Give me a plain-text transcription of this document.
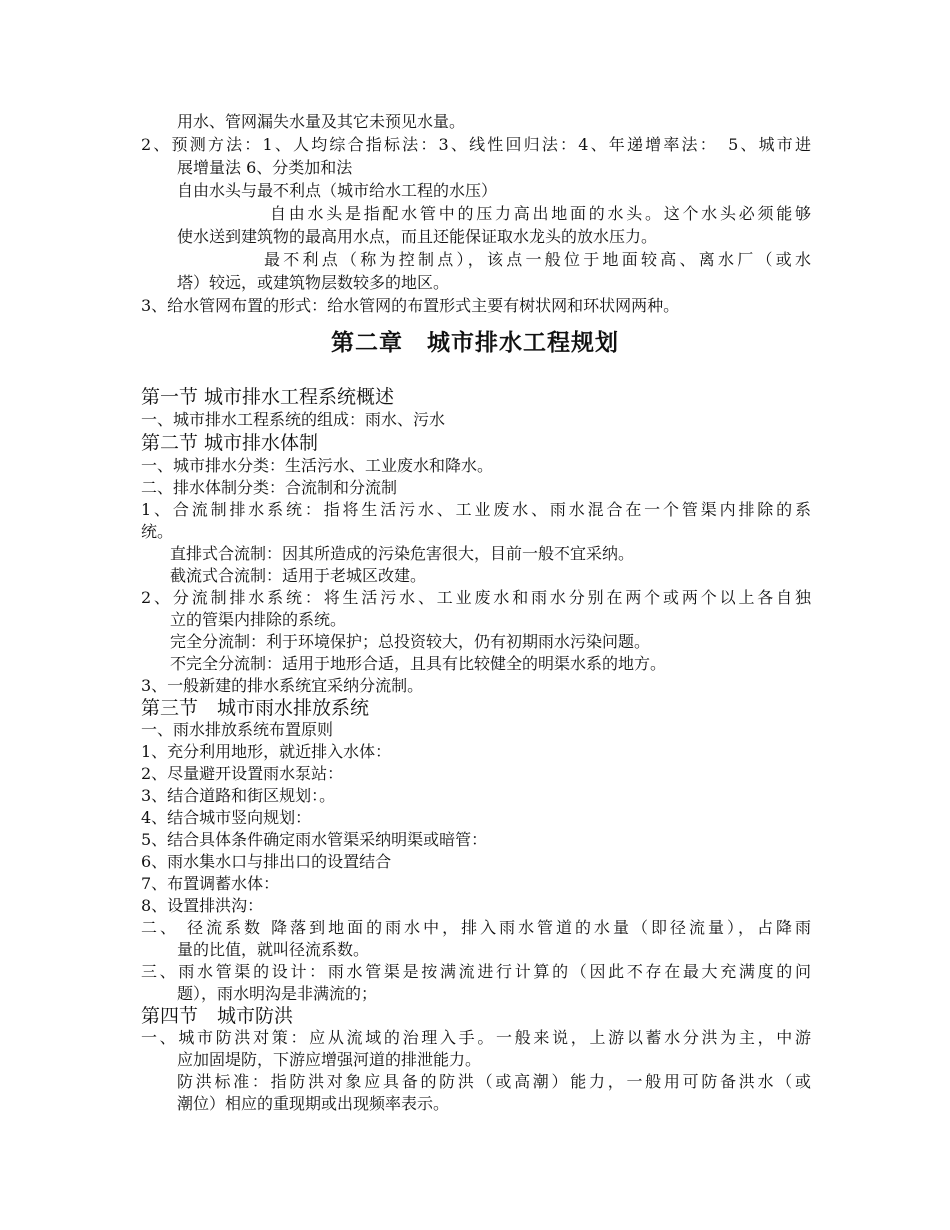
用水、管网漏失水量及其它未预见水量。
2、预测方法：1、人均综合指标法：3、线性回归法：4、年递增率法：　5、城市进
展增量法 6、分类加和法
自由水头与最不利点（城市给水工程的水压）
自由水头是指配水管中的压力高出地面的水头。这个水头必须能够
使水送到建筑物的最高用水点，而且还能保证取水龙头的放水压力。
最不利点（称为控制点），该点一般位于地面较高、离水厂（或水
塔）较远，或建筑物层数较多的地区。
3、给水管网布置的形式：给水管网的布置形式主要有树状网和环状网两种。
第二章　城市排水工程规划
第一节 城市排水工程系统概述
一、城市排水工程系统的组成：雨水、污水
第二节 城市排水体制
一、城市排水分类：生活污水、工业废水和降水。
二、排水体制分类：合流制和分流制
1、合流制排水系统：指将生活污水、工业废水、雨水混合在一个管渠内排除的系
统。
直排式合流制：因其所造成的污染危害很大，目前一般不宜采纳。
截流式合流制：适用于老城区改建。
2、分流制排水系统：将生活污水、工业废水和雨水分别在两个或两个以上各自独
立的管渠内排除的系统。
完全分流制：利于环境保护；总投资较大，仍有初期雨水污染问题。
不完全分流制：适用于地形合适，且具有比较健全的明渠水系的地方。
3、一般新建的排水系统宜采纳分流制。
第三节　城市雨水排放系统
一、雨水排放系统布置原则
1、充分利用地形，就近排入水体：
2、尽量避开设置雨水泵站：
3、结合道路和街区规划：。
4、结合城市竖向规划：
5、结合具体条件确定雨水管渠采纳明渠或暗管：
6、雨水集水口与排出口的设置结合
7、布置调蓄水体：
8、设置排洪沟：
二、 径流系数 降落到地面的雨水中，排入雨水管道的水量（即径流量），占降雨
量的比值，就叫径流系数。
三、雨水管渠的设计：雨水管渠是按满流进行计算的（因此不存在最大充满度的问
题），雨水明沟是非满流的；
第四节　城市防洪
一、城市防洪对策：应从流域的治理入手。一般来说，上游以蓄水分洪为主，中游
应加固堤防，下游应增强河道的排泄能力。
防洪标准：指防洪对象应具备的防洪（或高潮）能力，一般用可防备洪水（或
潮位）相应的重现期或出现频率表示。
